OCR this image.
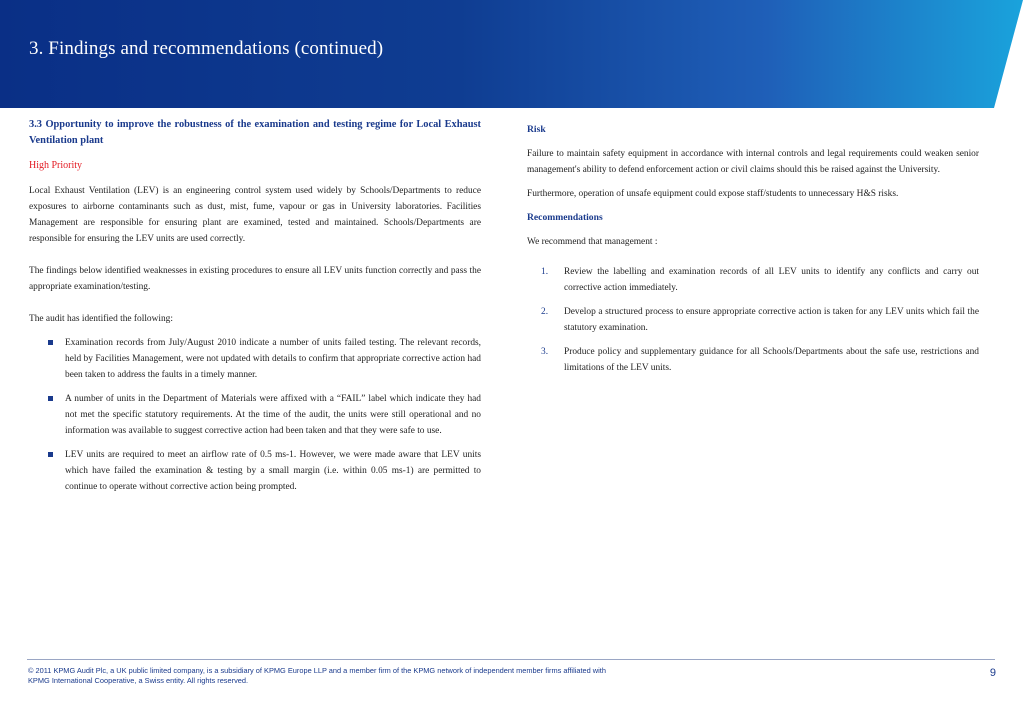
3. Findings and recommendations (continued)
3.3 Opportunity to improve the robustness of the examination and testing regime for Local Exhaust Ventilation plant
High Priority

Local Exhaust Ventilation (LEV) is an engineering control system used widely by Schools/Departments to reduce exposures to airborne contaminants such as dust, mist, fume, vapour or gas in University laboratories. Facilities Management are responsible for ensuring plant are examined, tested and maintained. Schools/Departments are responsible for ensuring the LEV units are used correctly.

The findings below identified weaknesses in existing procedures to ensure all LEV units function correctly and pass the appropriate examination/testing.

The audit has identified the following:

Examination records from July/August 2010 indicate a number of units failed testing. The relevant records, held by Facilities Management, were not updated with details to confirm that appropriate corrective action had been taken to address the faults in a timely manner.
A number of units in the Department of Materials were affixed with a “FAIL” label which indicate they had not met the specific statutory requirements. At the time of the audit, the units were still operational and no information was available to suggest corrective action had been taken and that they were safe to use.
LEV units are required to meet an airflow rate of 0.5 ms-1. However, we were made aware that LEV units which have failed the examination & testing by a small margin (i.e. within 0.05 ms-1) are permitted to continue to operate without corrective action being prompted.
Risk

Failure to maintain safety equipment in accordance with internal controls and legal requirements could weaken senior management's ability to defend enforcement action or civil claims should this be raised against the University.

Furthermore, operation of unsafe equipment could expose staff/students to unnecessary H&S risks.

Recommendations

We recommend that management :

1. Review the labelling and examination records of all LEV units to identify any conflicts and carry out corrective action immediately.
2. Develop a structured process to ensure appropriate corrective action is taken for any LEV units which fail the statutory examination.
3. Produce policy and supplementary guidance for all Schools/Departments about the safe use, restrictions and limitations of the LEV units.
© 2011 KPMG Audit Plc, a UK public limited company, is a subsidiary of KPMG Europe LLP and a member firm of the KPMG network of independent member firms affiliated with
KPMG International Cooperative, a Swiss entity. All rights reserved.
9
